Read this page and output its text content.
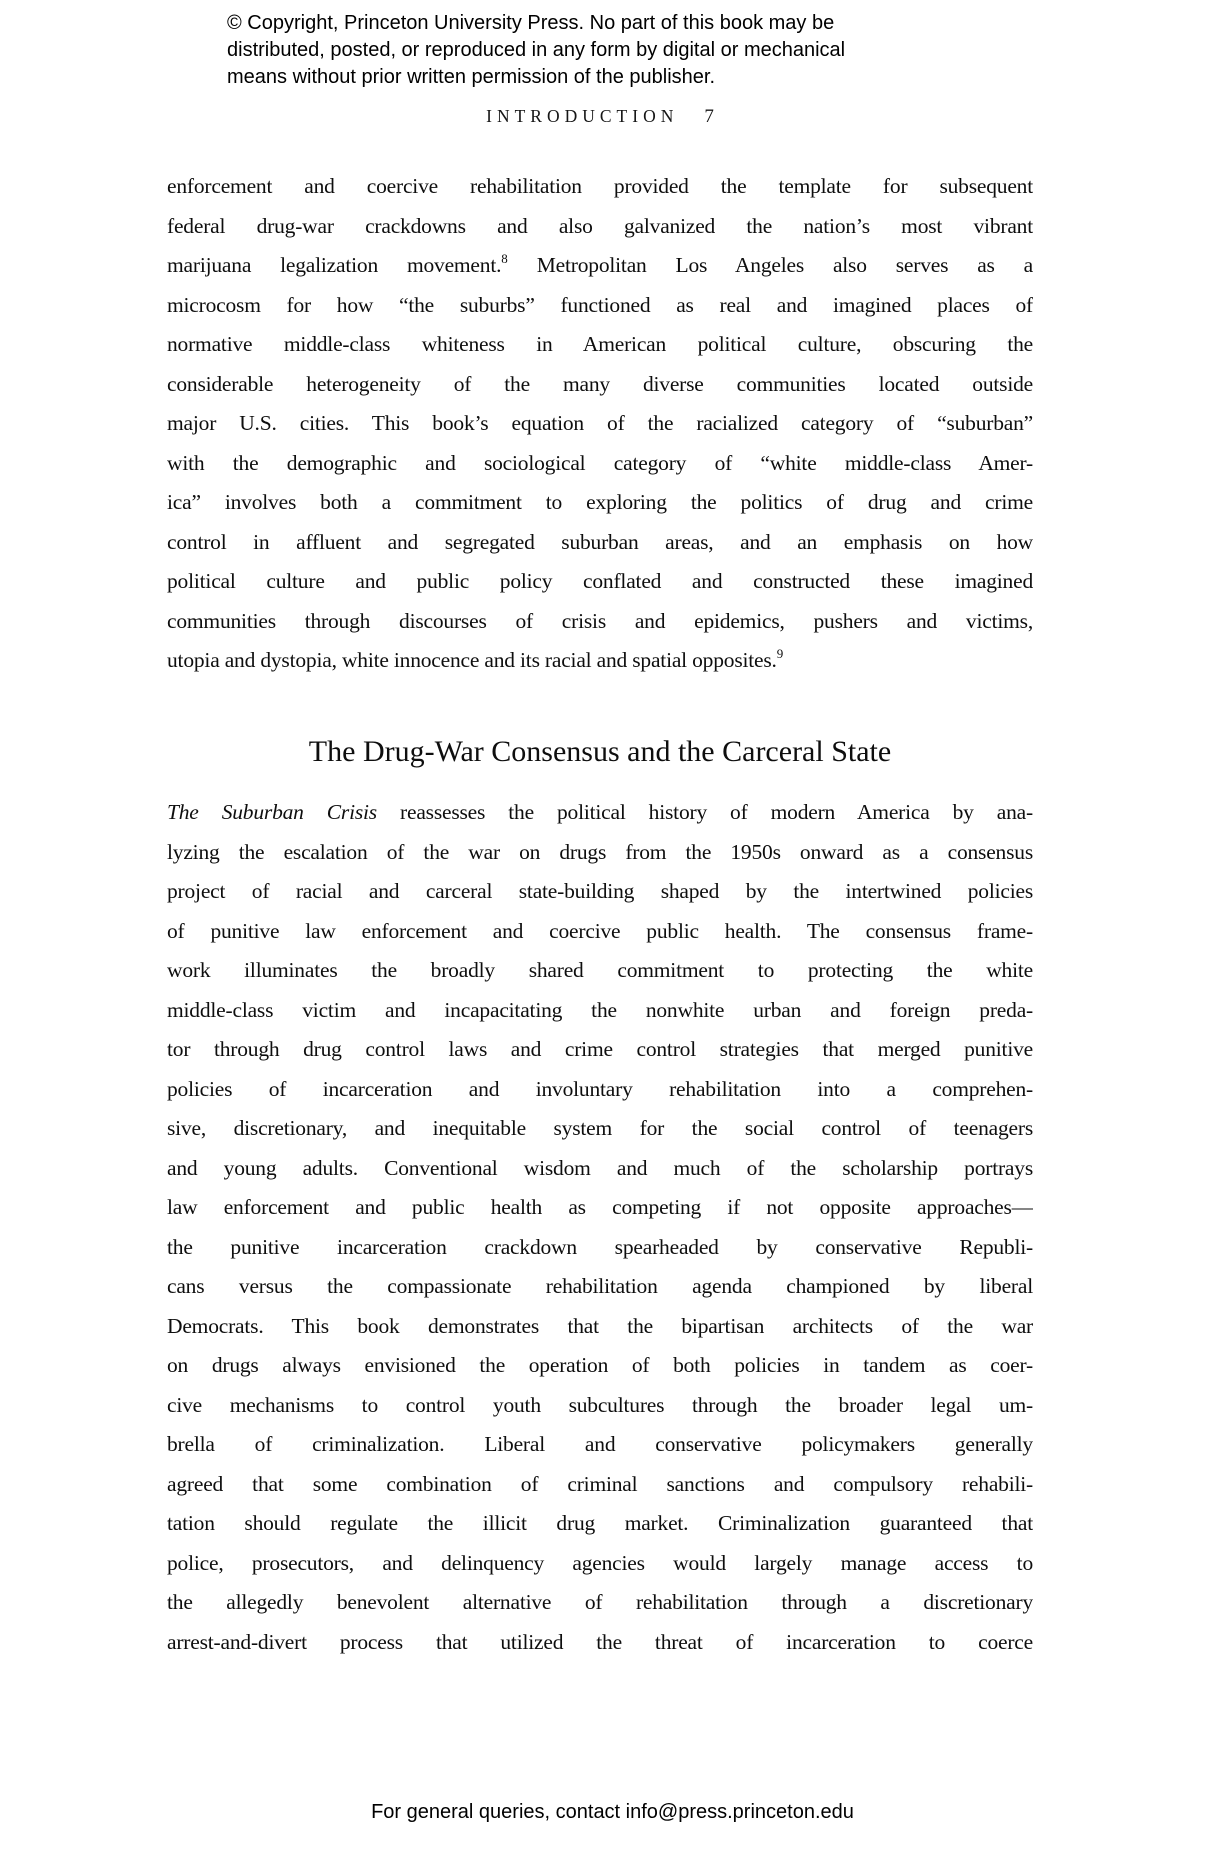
© Copyright, Princeton University Press. No part of this book may be
distributed, posted, or reproduced in any form by digital or mechanical
means without prior written permission of the publisher.
INTRODUCTION 7
enforcement and coercive rehabilitation provided the template for subsequent
federal drug-war crackdowns and also galvanized the nation’s most vibrant
marijuana legalization movement.$^8$ Metropolitan Los Angeles also serves as a
microcosm for how “the suburbs” functioned as real and imagined places of
normative middle-class whiteness in American political culture, obscuring the
considerable heterogeneity of the many diverse communities located outside
major U.S. cities. This book’s equation of the racialized category of “suburban”
with the demographic and sociological category of “white middle-class Amer-
ica” involves both a commitment to exploring the politics of drug and crime
control in affluent and segregated suburban areas, and an emphasis on how
political culture and public policy conflated and constructed these imagined
communities through discourses of crisis and epidemics, pushers and victims,
utopia and dystopia, white innocence and its racial and spatial opposites.$^9$
The Drug-War Consensus and the Carceral State
The Suburban Crisis reassesses the political history of modern America by ana-
lyzing the escalation of the war on drugs from the 1950s onward as a consensus
project of racial and carceral state-building shaped by the intertwined policies
of punitive law enforcement and coercive public health. The consensus frame-
work illuminates the broadly shared commitment to protecting the white
middle-class victim and incapacitating the nonwhite urban and foreign preda-
tor through drug control laws and crime control strategies that merged punitive
policies of incarceration and involuntary rehabilitation into a comprehen-
sive, discretionary, and inequitable system for the social control of teenagers
and young adults. Conventional wisdom and much of the scholarship portrays
law enforcement and public health as competing if not opposite approaches—
the punitive incarceration crackdown spearheaded by conservative Republi-
cans versus the compassionate rehabilitation agenda championed by liberal
Democrats. This book demonstrates that the bipartisan architects of the war
on drugs always envisioned the operation of both policies in tandem as coer-
cive mechanisms to control youth subcultures through the broader legal um-
brella of criminalization. Liberal and conservative policymakers generally
agreed that some combination of criminal sanctions and compulsory rehabili-
tation should regulate the illicit drug market. Criminalization guaranteed that
police, prosecutors, and delinquency agencies would largely manage access to
the allegedly benevolent alternative of rehabilitation through a discretionary
arrest-and-divert process that utilized the threat of incarceration to coerce
For general queries, contact info@press.princeton.edu
